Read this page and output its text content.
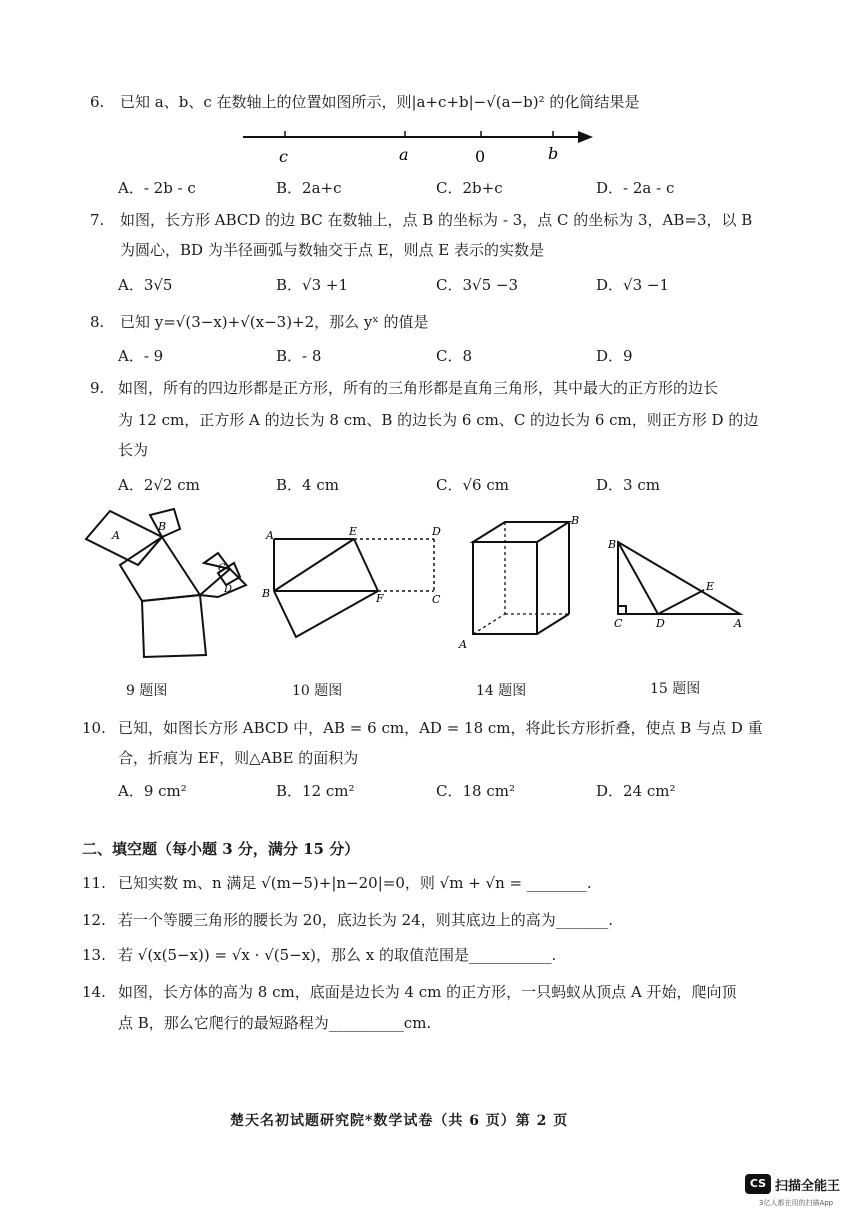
6. 已知 a、b、c 在数轴上的位置如图所示，则|a+c+b|−√(a−b)² 的化简结果是
c	a	0	b
A．- 2b - c	B．2a+c	C．2b+c	D．- 2a - c
7. 如图，长方形 ABCD 的边 BC 在数轴上，点 B 的坐标为 - 3，点 C 的坐标为 3，AB=3，以 B
为圆心，BD 为半径画弧与数轴交于点 E，则点 E 表示的实数是
A．3√5	B．√3 +1	C．3√5 −3	D．√3 −1
8. 已知 y=√(3−x)+√(x−3)+2，那么 yˣ 的值是
A．- 9	B．- 8	C．8	D．9
9. 如图，所有的四边形都是正方形，所有的三角形都是直角三角形，其中最大的正方形的边长
为 12 cm，正方形 A 的边长为 8 cm、B 的边长为 6 cm、C 的边长为 6 cm，则正方形 D 的边
长为
A．2√2 cm	B．4 cm	C．√6 cm	D．3 cm
A
B
C
D
A	E	D
B	F	C
B
A
B
E
C	D	A
9 题图	10 题图	14 题图	15 题图
10. 已知，如图长方形 ABCD 中，AB = 6 cm，AD = 18 cm，将此长方形折叠，使点 B 与点 D 重
合，折痕为 EF，则△ABE 的面积为
A．9 cm²	B．12 cm²	C．18 cm²	D．24 cm²
二、填空题（每小题 3 分，满分 15 分）
11. 已知实数 m、n 满足 √(m−5)+|n−20|=0，则 √m + √n = ________.
12. 若一个等腰三角形的腰长为 20，底边长为 24，则其底边上的高为_______.
13. 若 √(x(5−x)) = √x · √(5−x)，那么 x 的取值范围是___________.
14. 如图，长方体的高为 8 cm，底面是边长为 4 cm 的正方形，一只蚂蚁从顶点 A 开始，爬向顶
点 B，那么它爬行的最短路程为__________cm.
楚天名初试题研究院*数学试卷（共 6 页）第 2 页
CS 扫描全能王
3亿人都在用的扫描App
